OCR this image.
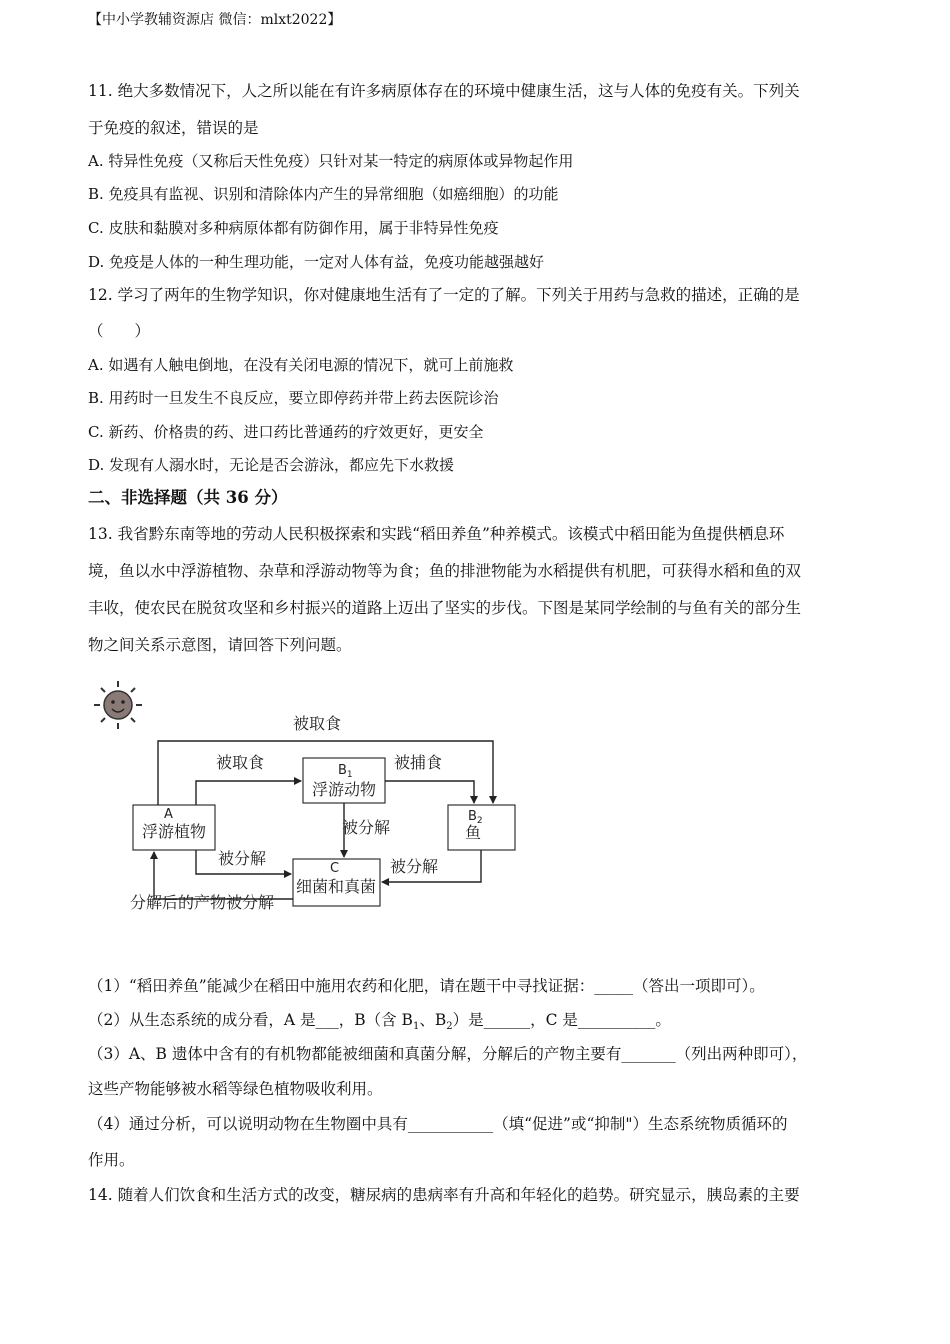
【中小学教辅资源店 微信：mlxt2022】
11. 绝大多数情况下，人之所以能在有许多病原体存在的环境中健康生活，这与人体的免疫有关。下列关
于免疫的叙述，错误的是
A. 特异性免疫（又称后天性免疫）只针对某一特定的病原体或异物起作用
B. 免疫具有监视、识别和清除体内产生的异常细胞（如癌细胞）的功能
C. 皮肤和黏膜对多种病原体都有防御作用，属于非特异性免疫
D. 免疫是人体的一种生理功能，一定对人体有益，免疫功能越强越好
12. 学习了两年的生物学知识，你对健康地生活有了一定的了解。下列关于用药与急救的描述，正确的是
（　　）
A. 如遇有人触电倒地，在没有关闭电源的情况下，就可上前施救
B. 用药时一旦发生不良反应，要立即停药并带上药去医院诊治
C. 新药、价格贵的药、进口药比普通药的疗效更好，更安全
D. 发现有人溺水时，无论是否会游泳，都应先下水救援
二、非选择题（共 36 分）
13. 我省黔东南等地的劳动人民积极探索和实践“稻田养鱼”种养模式。该模式中稻田能为鱼提供栖息环
境，鱼以水中浮游植物、杂草和浮游动物等为食；鱼的排泄物能为水稻提供有机肥，可获得水稻和鱼的双
丰收，使农民在脱贫攻坚和乡村振兴的道路上迈出了坚实的步伐。下图是某同学绘制的与鱼有关的部分生
物之间关系示意图，请回答下列问题。
A
浮游植物
$B_1$
浮游动物
$B_2$
鱼
C
细菌和真菌
被取食
被取食	被捕食
被分解
被分解	被分解
分解后的产物被分解
（1）“稻田养鱼”能减少在稻田中施用农药和化肥，请在题干中寻找证据：_____（答出一项即可）。
（2）从生态系统的成分看，A 是___，B（含 $B_1$、$B_2$）是______，C 是__________。
（3）A、B 遗体中含有的有机物都能被细菌和真菌分解，分解后的产物主要有_______（列出两种即可），
这些产物能够被水稻等绿色植物吸收利用。
（4）通过分析，可以说明动物在生物圈中具有___________（填“促进”或“抑制"）生态系统物质循环的
作用。
14. 随着人们饮食和生活方式的改变，糖尿病的患病率有升高和年轻化的趋势。研究显示，胰岛素的主要
